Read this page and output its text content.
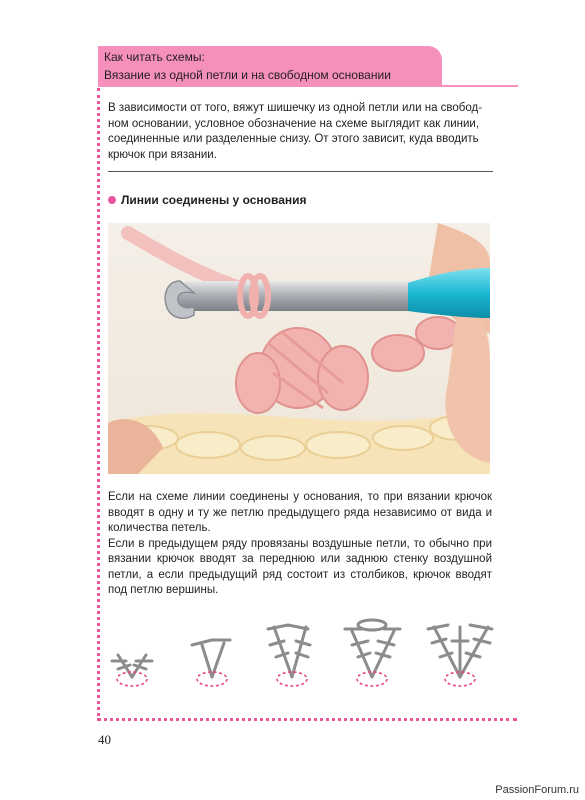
Как читать схемы:
Вязание из одной петли и на свободном основании
В зависимости от того, вяжут шишечку из одной петли или на свобод-ном основании, условное обозначение на схеме выглядит как линии, соединенные или разделенные снизу. От этого зависит, куда вводить крючок при вязании.
Линии соединены у основания

Если на схеме линии соединены у основания, то при вязании крючок вводят в одну и ту же петлю предыдущего ряда независимо от вида и количества петель.

Если в предыдущем ряду провязаны воздушные петли, то обычно при вязании крючок вводят за переднюю или заднюю стенку воздушной петли, а если предыдущий ряд состоит из столбиков, крючок вводят под петлю вершины.

40
PassionForum.ru
